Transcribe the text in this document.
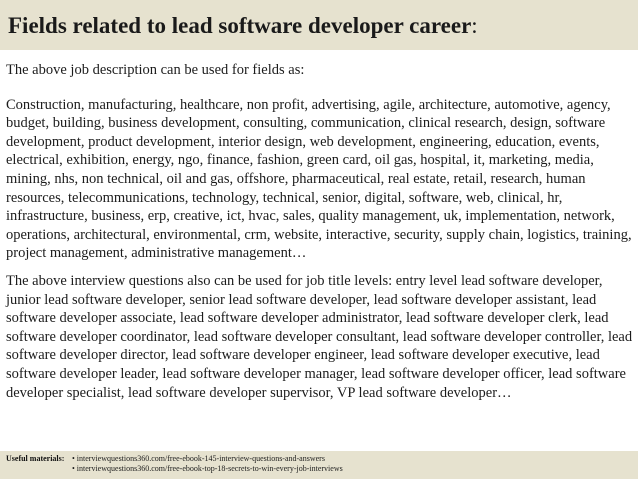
Fields related to lead software developer career:

The above job description can be used for fields as:

Construction, manufacturing, healthcare, non profit, advertising, agile, architecture, automotive, agency, budget, building, business development, consulting, communication, clinical research, design, software development, product development, interior design, web development, engineering, education, events, electrical, exhibition, energy, ngo, finance, fashion, green card, oil gas, hospital, it, marketing, media, mining, nhs, non technical, oil and gas, offshore, pharmaceutical, real estate, retail, research, human resources, telecommunications, technology, technical, senior, digital, software, web, clinical, hr, infrastructure, business, erp, creative, ict, hvac, sales, quality management, uk, implementation, network, operations, architectural, environmental, crm, website, interactive, security, supply chain, logistics, training, project management, administrative management…

The above interview questions also can be used for job title levels: entry level lead software developer, junior lead software developer, senior lead software developer, lead software developer assistant, lead software developer associate, lead software developer administrator, lead software developer clerk, lead software developer coordinator, lead software developer consultant, lead software developer controller, lead software developer director, lead software developer engineer, lead software developer executive, lead software developer leader, lead software developer manager, lead software developer officer, lead software developer specialist, lead software developer supervisor, VP lead software developer…

Useful materials: • interviewquestions360.com/free-ebook-145-interview-questions-and-answers
• interviewquestions360.com/free-ebook-top-18-secrets-to-win-every-job-interviews
